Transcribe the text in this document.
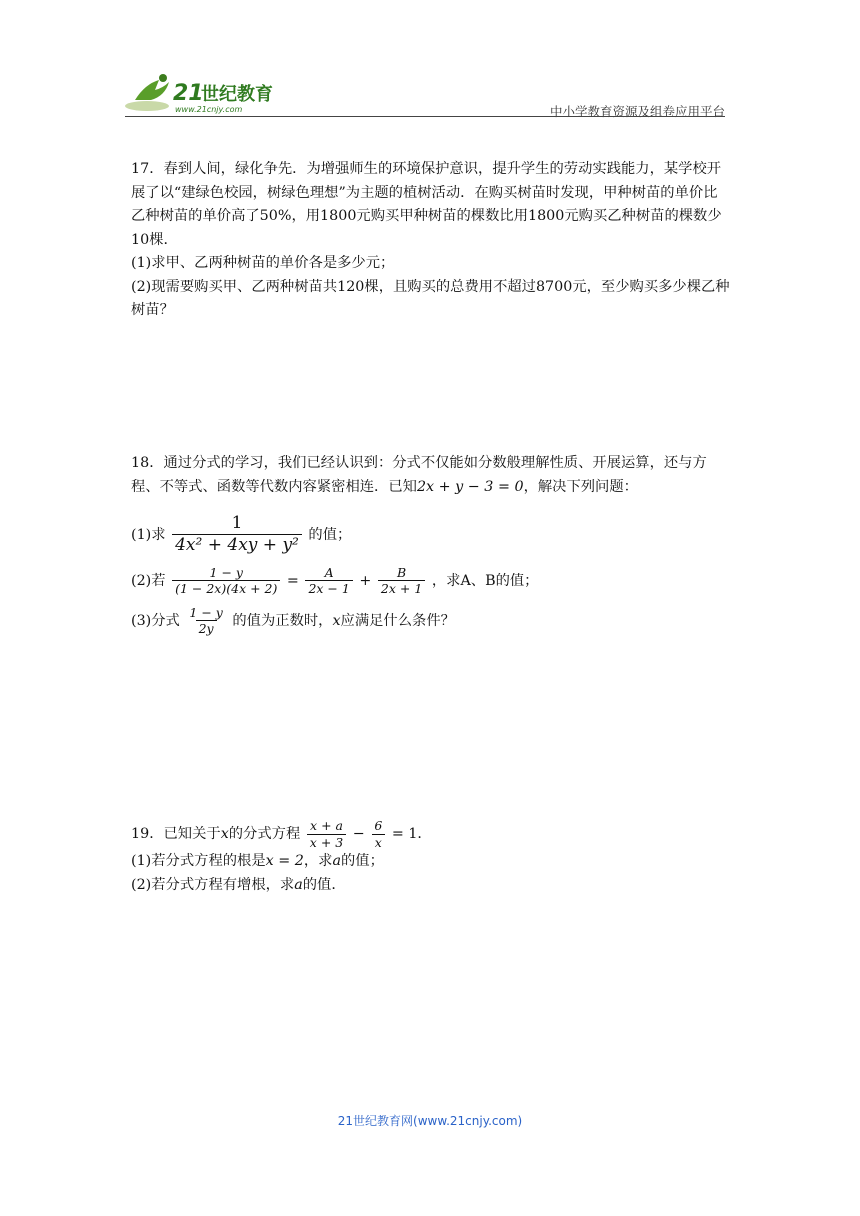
21
世纪教育
www.21cnjy.com	中小学教育资源及组卷应用平台

17．春到人间，绿化争先．为增强师生的环境保护意识，提升学生的劳动实践能力，某学校开展了以“建绿色校园，树绿色理想”为主题的植树活动．在购买树苗时发现，甲种树苗的单价比乙种树苗的单价高了50%，用1800元购买甲种树苗的棵数比用1800元购买乙种树苗的棵数少10棵．

(1)求甲、乙两种树苗的单价各是多少元；

(2)现需要购买甲、乙两种树苗共120棵，且购买的总费用不超过8700元，至少购买多少棵乙种树苗？

18．通过分式的学习，我们已经认识到：分式不仅能如分数般理解性质、开展运算，还与方程、不等式、函数等代数内容紧密相连．已知2x + y − 3 = 0，解决下列问题：

(1)求 $\frac{1}{\text{4x² + 4xy + y²}}$ 的值；

(2)若 $\frac{1 - y}{(1 - 2x)(4x + 2)} = \frac{A}{2x - 1} + \frac{B}{2x + 1}$ ，求A、B的值；

(3)分式 $\frac{1 - y}{2y}$ 的值为正数时，x应满足什么条件？

19．已知关于x的分式方程 $\frac{x + a}{x + 3} - \frac{6}{x} = 1$．

(1)若分式方程的根是x = 2，求a的值；

(2)若分式方程有增根，求a的值．

21世纪教育网(www.21cnjy.com)
